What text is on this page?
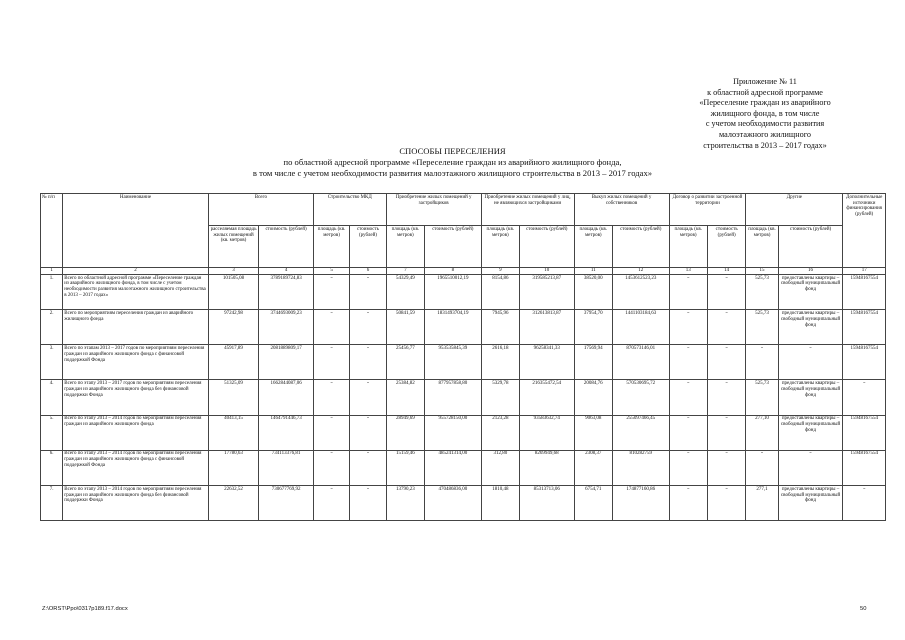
Приложение № 11
к областной адресной программе
«Переселение граждан из аварийного
жилищного фонда, в том числе
с учетом необходимости развития
малоэтажного жилищного
строительства в 2013 – 2017 годах»
СПОСОБЫ ПЕРЕСЕЛЕНИЯ
по областной адресной программе «Переселение граждан из аварийного жилищного фонда,
в том числе с учетом необходимости развития малоэтажного жилищного строительства в 2013 – 2017 годах»
№ п/п	Наименование	Всего		Строительство МКД		Приобретение жилых помещений у застройщиков		Приобретение жилых помещений у лиц, не являющихся застройщиками		Выкуп жилых помещений у собственников		Договор о развитии застроенной территории		Другие		Дополнительные источники финансирования (рублей)
		расселяемая площадь жилых помещений (кв. метров)	стоимость (рублей)	площадь (кв. метров)	стоимость (рублей)	площадь (кв. метров)	стоимость (рублей)	площадь (кв. метров)	стоимость (рублей)	площадь (кв. метров)	стоимость (рублей)	площадь (кв. метров)	стоимость (рублей)	площадь (кв. метров)	стоимость (рублей)	
1	2	3	4	5	6	7	8	9	10	11	12	13	14	15	16	17
1.	Всего по областной адресной программе «Переселение граждан из аварийного жилищного фонда, в том числе с учетом необходимости развития малоэтажного жилищного строительства в 2013 – 2017 годах»	101505,08	3789189724,83	–	–	54329,49	1965510012,19	8154,86	319585213,87	38520,00	1453612523,23	–	–	525,73	предоставлены квартиры – свободный муниципальный фонд	15948167554
2.	Всего по мероприятиям переселения граждан из аварийного жилищного фонда	97242,98	3744693009,23	–	–	50841,59	1831493704,19	7945,96	312613813,87	37954,70	1441103184,63	–	–	525,73	предоставлены квартиры – свободный муниципальный фонд	15948167554
3.	Всего по этапам 2013 – 2017 годов по мероприятиям переселения граждан из аварийного жилищного фонда с финансовой поддержкой Фонда	45917,89	2081889809,17	–	–	25456,77	953535845,39	2616,18	96258341,33	17569,94	870573146,01	–	–	–	–	15948167554
4.	Всего по этапу 2013 – 2017 годов по мероприятиям переселения граждан из аварийного жилищного фонда без финансовой поддержки Фонда	51325,09	1662844087,06	–	–	25384,82	877957858,80	5329,78	216355472,54	20084,76	570530695,72	–	–	525,73	предоставлены квартиры – свободный муниципальный фонд	–
5.	Всего по этапу 2013 – 2014 годов по мероприятиям переселения граждан из аварийного жилищного фонда	40413,15	1464791446,73	–	–	28949,69	955728150,00	2123,28	93583632,74	9063,08	255097466,45	–	–	277,10	предоставлены квартиры – свободный муниципальный фонд	15948167554
6.	Всего по этапу 2013 – 2014 годов по мероприятиям переселения граждан из аварийного жилищного фонда с финансовой поддержкой Фонда	17780,63	734113376,81	–	–	15159,46	485241314,00	312,80	8269949,68	2308,37	810282759	–	–	–	–	15948167554
7.	Всего по этапу 2013 – 2014 годов по мероприятиям переселения граждан из аварийного жилищного фонда без финансовой поддержки Фонда	22632,52	730677769,92	–	–	13790,23	470486836,00	1810,48	85313713,06	6754,71	174877160,86	–	–	277,1	предоставлены квартиры – свободный муниципальный фонд	–
Z:\ORST\Ppo\0317p189.f17.docx	50
